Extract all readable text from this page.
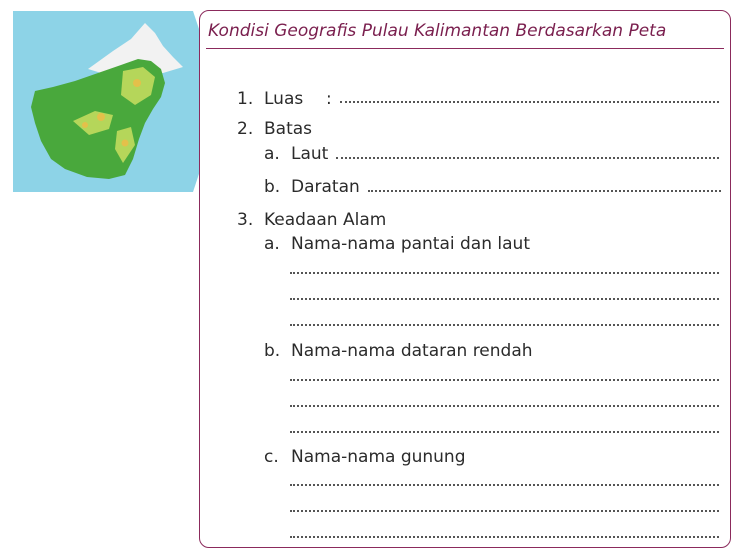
Kondisi Geografis Pulau Kalimantan Berdasarkan Peta
1. Luas :
2. Batas
a. Laut
b. Daratan
3. Keadaan Alam
a. Nama-nama pantai dan laut
b. Nama-nama dataran rendah
c. Nama-nama gunung
